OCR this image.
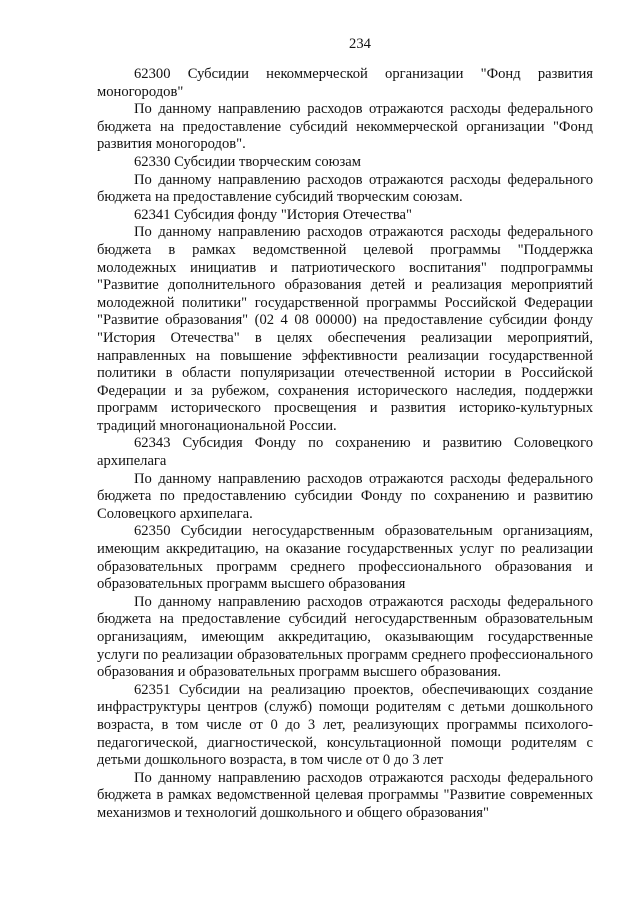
234

62300 Субсидии некоммерческой организации "Фонд развития моногородов"

По данному направлению расходов отражаются расходы федерального бюджета на предоставление субсидий некоммерческой организации "Фонд развития моногородов".

62330 Субсидии творческим союзам

По данному направлению расходов отражаются расходы федерального бюджета на предоставление субсидий творческим союзам.

62341 Субсидия фонду "История Отечества"

По данному направлению расходов отражаются расходы федерального бюджета в рамках ведомственной целевой программы "Поддержка молодежных инициатив и патриотического воспитания" подпрограммы "Развитие дополнительного образования детей и реализация мероприятий молодежной политики" государственной программы Российской Федерации "Развитие образования" (02 4 08 00000) на предоставление субсидии фонду "История Отечества" в целях обеспечения реализации мероприятий, направленных на повышение эффективности реализации государственной политики в области популяризации отечественной истории в Российской Федерации и за рубежом, сохранения исторического наследия, поддержки программ исторического просвещения и развития историко-культурных традиций многонациональной России.

62343 Субсидия Фонду по сохранению и развитию Соловецкого архипелага

По данному направлению расходов отражаются расходы федерального бюджета по предоставлению субсидии Фонду по сохранению и развитию Соловецкого архипелага.

62350 Субсидии негосударственным образовательным организациям, имеющим аккредитацию, на оказание государственных услуг по реализации образовательных программ среднего профессионального образования и образовательных программ высшего образования

По данному направлению расходов отражаются расходы федерального бюджета на предоставление субсидий негосударственным образовательным организациям, имеющим аккредитацию, оказывающим государственные услуги по реализации образовательных программ среднего профессионального образования и образовательных программ высшего образования.

62351 Субсидии на реализацию проектов, обеспечивающих создание инфраструктуры центров (служб) помощи родителям с детьми дошкольного возраста, в том числе от 0 до 3 лет, реализующих программы психолого-педагогической, диагностической, консультационной помощи родителям с детьми дошкольного возраста, в том числе от 0 до 3 лет

По данному направлению расходов отражаются расходы федерального бюджета в рамках ведомственной целевая программы "Развитие современных механизмов и технологий дошкольного и общего образования"
